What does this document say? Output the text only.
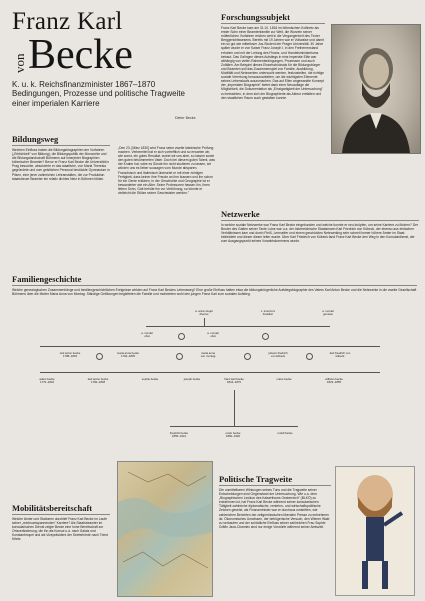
Franz Karl
von Becke
K. u. k. Reichsfinanzminister 1867–1870
Bedingungen, Prozesse und politische Tragweite
einer imperialen Karriere
Dieter Becke
Forschungssubjekt
Franz Karl Becke kam am 31.10. 1816 im böhmischen Kollinetz als erster Sohn einer Beamtenfamilie zur Welt, die Wurzeln seiner mütterlichen Vorfahren reichen weit in die Vergangenheit des Tiroler Berggerichtswesens. Bereits mit 19 Jahren war er Vollwaise und damit ein so gut wie mittelloser Jus-Student der Prager Universität. 30 Jahre später wurde er von Kaiser Franz Joseph I. in den Freiherrenstand erhoben und mit der Leitung des Finanz- und Handelsministeriums betraut. Das Gelingen dieses Aufstiegs in eine imperiale Elite war abhängig von vielen Rahmenbedingungen, Prozessen und auch Zufällen. Am Beispiel dieses Einzelschicksals für die Bildungsbürger und Beamten soll das Zusammenspiel von Familie, Ausbildung, Mobilität und Netzwerken untersucht werden, festzustellen, die richtige soziale Vererbung herauszuarbeiten, um die wichtigsten Elemente seines Lebenslaufs auszumachen. Das auf Ellen angewandte Konzept der „imperialen Biographie" bietet dank einer Neuauflage die Möglichkeit, die Dokumentation als „Einzigartigkeit der Untersuchung" zu betrachten, in dem sich der Biographierte als Akteur entfalten und den staatlichen Raum auch gestalten konnte.
Bildungsweg
Welchen Einfluss haben die Bildungsbiographien der Vorfahren („Erblichkeit" von Bildung), die Bildungspolitik der Monarchie und die Bildungslandschaft Böhmens auf innerjeder Biographien böhmischer Beamter? Bevor er Franz Karl Becke die Universität in Prag besuchte, absolvierte er das staatliche, von Maria Theresia gegründete und vom geistlichen Personal bestückte Gymnasium in Pilsen, eine jener zahlreichen Lehranstalten, die zur Produktion staatstreuer Beamter ein relativ dichtes Netz in Böhmen bilden.
„Den 23. [März 1830] wird Franz seine zweite lateinische Prüfung machen. Verbereitet hat er sich vortrefflich und so erwarten wir, wie sonst, ein gutes Resultat, wobei wir uns aber, so lassen sowie den guten bekümmerten Vater. Doch bei diesem guten Talent, was der Knabe hat, wäre es Sünde ihn nicht studieren zu lassen, wir würden uns es lieber sousagen vom Munde absparen. Französisch und Italienisch übersetzt er mit einer richtigen Fertigkeit, dass keiner ihre Freude an ihm äussern und ihn schon für ein Genie erklären, in der Geschichte und Geographie ist er bewanderter wie ein Alter. Seine Professoren hassen ihn, ihren lieben Sohn, Gott behüte ihn vor Verführung, so könnte er vielleicht die Stütze seiner Geschwister werden."
Netzwerke
In welche soziale Netzwerke war Franz Karl Becke eingebunden und welche konnte er neu knüpfen, um seine Karriere zu fördern? Der Bruder des Gatten seiner Tante Luise war u.a. der österreichische Staatsmann Karl Friedrich von Kübeck, der ebenso aus einfachen Verhältnissen kam und durch Fleiß, Lernseifer und einem geschickten Netzwerking sehr schnell immer höhere Ämter im Staat bekleidete und dieser dieser leiter wurde. Über Karl Friedrich von Kübeck fand Franz Karl Becke den Weg in den Konsulardienst, der zum Ausgangspunkt seines Vorwärtskommens wurde.
Familiengeschichte
Welche genealogischen Zusammenhänge und familiengeschichtlichen Ereignisse wirkten auf Franz Karl Beckes Lebensweg? Eine große Einfluss hatten etwa die bildungsbürgerliche Aufstiegsbiographie des Vaters Karl Anton Becke und die Netzwerke in die zweite Gesellschaft Böhmens über die Mutter Maria Anna von Montag. Ständige Gelöbungen begleiteten die Familie und motivierten wohl den jungen Franz Karl zum sozialen Aufstieg.
a. anna ziegel
diverse
x. lorenzo/v
brasilien
a. monatl
gemüse
a. monatl
obst
a. monatl
obst
carl anton becke
1788–1833
maria anna becke
1792–1835
maria anna
von montag
johann friedrich
von kübeck
karl friedrich von
kübeck
adam becke
1770–1832
karl anton becke
1782–1848
sophie becke	joseph becke	franz karl becke
1816–1870
marie becke	wilhelm becke
1823–1855
friedrich becke
1855–1931
erwin becke
1860–1920
rudolf becke
Mobilitätsbereitschaft
Welche Ämter und Stationen durchlief Franz Karl Becke im Laufe seiner „reichsumspannenden" Karriere? Als Staatsbeamter im konsularischen Dienst zeigte Becke eine hohe Bereitschaft zur Ortsveränderung; die ihn als Konsul u.a. nach Galatz und Konstantinopel und als Vizepräsident der Seebehörde nach Triest führte.
Politische Tragweite
Die unmittelbaren Wirkungen seines Tuns und die Tragweite seiner Entscheidungen sind Gegenstand der Untersuchung. Wie u.a. dem „Biographischen Lexikon des Kaiserthums Oesterreich" (BLKÖ) zu entnehmen ist, hat Franz Karl Becke während seiner konsularischen Tätigkeit zahlreiche diplomatische, verkehrs- und wirtschaftspolitische Zeichen gesetzt, als Finanzminister war er durchaus umstritten, wie zahlreichen Berichten der zeitgenössischen liberalen Presse zu entnehmen ist. Ökonomisches Umwissen, der betrügerische Versuch, den Wiener Wald zu verkaufen und der schädliche Einfluss seiner zahlreichen Frau Sophie Gräfin Jaxa-Chamiec sind nur einige Vorwürfe während seiner Amtszeit.
